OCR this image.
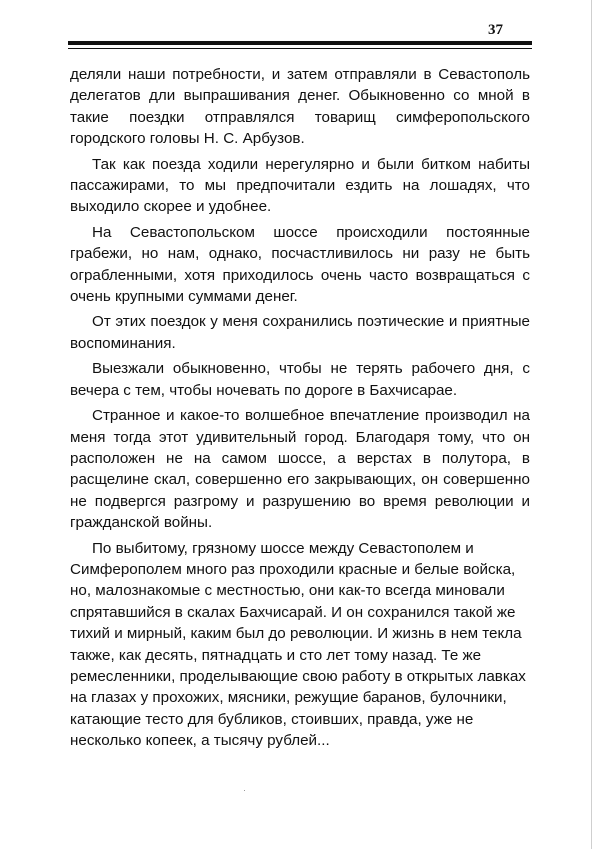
37

деляли наши потребности, и затем отправляли в Севастополь делегатов дли выпрашивания денег. Обыкновенно со мной в такие поездки отправлялся товарищ симферопольского городского головы Н. С. Арбузов.

Так как поезда ходили нерегулярно и были битком набиты пассажирами, то мы предпочитали ездить на лошадях, что выходило скорее и удобнее.

На Севастопольском шоссе происходили постоянные грабежи, но нам, однако, посчастливилось ни разу не быть ограбленными, хотя приходилось очень часто возвращаться с очень крупными суммами денег.

От этих поездок у меня сохранились поэтические и приятные воспоминания.

Выезжали обыкновенно, чтобы не терять рабочего дня, с вечера с тем, чтобы ночевать по дороге в Бахчисарае.

Странное и какое-то волшебное впечатление производил на меня тогда этот удивительный город. Благодаря тому, что он расположен не на самом шоссе, а верстах в полутора, в расщелине скал, совершенно его закрывающих, он совершенно не подвергся разгрому и разрушению во время революции и гражданской войны.

По выбитому, грязному шоссе между Севастополем и Симферополем много раз проходили красные и белые войска, но, малознакомые с местностью, они как-то всегда миновали спрятавшийся в скалах Бахчисарай. И он сохранился такой же тихий и мирный, каким был до революции. И жизнь в нем текла также, как десять, пятнадцать и сто лет тому назад. Те же ремесленники, проделывающие свою работу в открытых лавках на глазах у прохожих, мясники, режущие баранов, булочники, катающие тесто для бубликов, стоивших, правда, уже не несколько копеек, а тысячу рублей...
